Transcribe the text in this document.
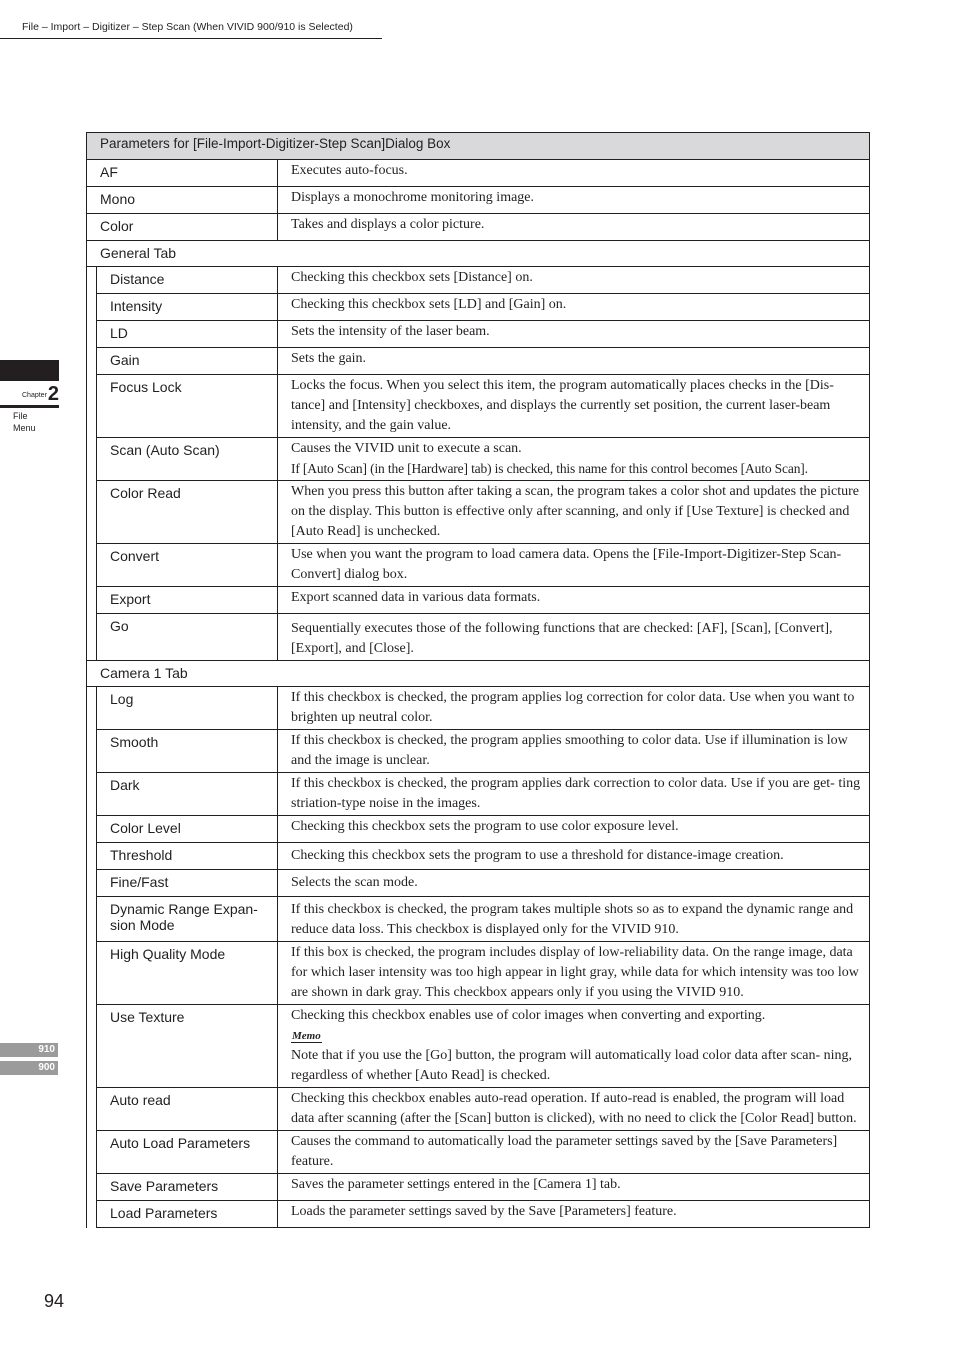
File – Import – Digitizer – Step Scan (When VIVID 900/910 is Selected)
Chapter2
File
Menu
910
900
Parameters for [File-Import-Digitizer-Step Scan]Dialog Box		
AF		Executes auto-focus.
Mono		Displays a monochrome monitoring image.
Color		Takes and displays a color picture.
General Tab		
	Distance	Checking this checkbox sets [Distance] on.
	Intensity	Checking this checkbox sets [LD] and [Gain] on.
	LD	Sets the intensity of the laser beam.
	Gain	Sets the gain.
	Focus Lock	Locks the focus. When you select this item, the program automatically places checks in the [Dis- tance] and [Intensity] checkboxes, and displays the currently set position, the current laser-beam intensity, and the gain value.
	Scan (Auto Scan)	Causes the VIVID unit to execute a scan.
If [Auto Scan] (in the [Hardware] tab) is checked, this name for this control becomes [Auto Scan].

	Color Read	When you press this button after taking a scan, the program takes a color shot and updates the picture on the display. This button is effective only after scanning, and only if [Use Texture] is checked and [Auto Read] is unchecked.
	Convert	Use when you want the program to load camera data. Opens the [File-Import-Digitizer-Step Scan-Convert] dialog box.
	Export	Export scanned data in various data formats.
	Go	Sequentially executes those of the following functions that are checked: [AF], [Scan], [Convert], [Export], and [Close].
Camera 1 Tab		
	Log	If this checkbox is checked, the program applies log correction for color data. Use when you want to brighten up neutral color.
	Smooth	If this checkbox is checked, the program applies smoothing to color data. Use if illumination is low and the image is unclear.
	Dark	If this checkbox is checked, the program applies dark correction to color data. Use if you are get- ting striation-type noise in the images.
	Color Level	Checking this checkbox sets the program to use color exposure level.
	Threshold	Checking this checkbox sets the program to use a threshold for distance-image creation.
	Fine/Fast	Selects the scan mode.
	Dynamic Range Expan- sion Mode	If this checkbox is checked, the program takes multiple shots so as to expand the dynamic range and reduce data loss. This checkbox is displayed only for the VIVID 910.
	High Quality Mode	If this box is checked, the program includes display of low-reliability data. On the range image, data for which laser intensity was too high appear in light gray, while data for which intensity was too low are shown in dark gray. This checkbox appears only if you using the VIVID 910.
	Use Texture	Checking this checkbox enables use of color images when converting and exporting.
Memo
Note that if you use the [Go] button, the program will automatically load color data after scan- ning, regardless of whether [Auto Read] is checked.

	Auto read	Checking this checkbox enables auto-read operation. If auto-read is enabled, the program will load data after scanning (after the [Scan] button is clicked), with no need to click the [Color Read] button.
	Auto Load Parameters	Causes the command to automatically load the parameter settings saved by the [Save Parameters] feature.
	Save Parameters	Saves the parameter settings entered in the [Camera 1] tab.
	Load Parameters	Loads the parameter settings saved by the Save [Parameters] feature.
94
